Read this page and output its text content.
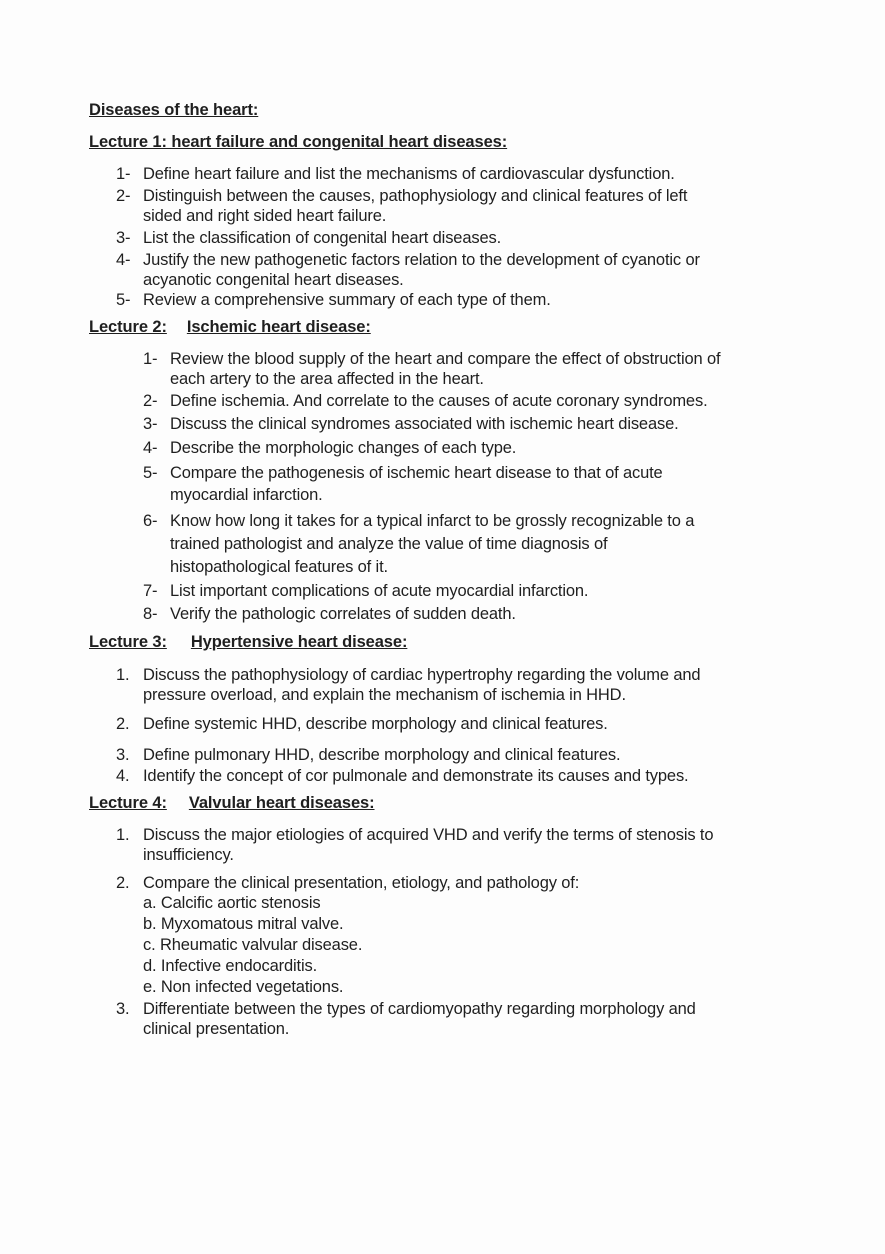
Diseases of the heart:
Lecture 1: heart failure and congenital heart diseases:
1- Define heart failure and list the mechanisms of cardiovascular dysfunction.
2- Distinguish between the causes, pathophysiology and clinical features of left
sided and right sided heart failure.
3- List the classification of congenital heart diseases.
4- Justify the new pathogenetic factors relation to the development of cyanotic or
acyanotic congenital heart diseases.
5- Review a comprehensive summary of each type of them.
Lecture 2: Ischemic heart disease:
1- Review the blood supply of the heart and compare the effect of obstruction of
each artery to the area affected in the heart.
2- Define ischemia. And correlate to the causes of acute coronary syndromes.
3- Discuss the clinical syndromes associated with ischemic heart disease.
4- Describe the morphologic changes of each type.
5- Compare the pathogenesis of ischemic heart disease to that of acute
myocardial infarction.
6- Know how long it takes for a typical infarct to be grossly recognizable to a
trained pathologist and analyze the value of time diagnosis of
histopathological features of it.
7- List important complications of acute myocardial infarction.
8- Verify the pathologic correlates of sudden death.
Lecture 3: Hypertensive heart disease:
1. Discuss the pathophysiology of cardiac hypertrophy regarding the volume and
pressure overload, and explain the mechanism of ischemia in HHD.
2. Define systemic HHD, describe morphology and clinical features.
3. Define pulmonary HHD, describe morphology and clinical features.
4. Identify the concept of cor pulmonale and demonstrate its causes and types.
Lecture 4: Valvular heart diseases:
1. Discuss the major etiologies of acquired VHD and verify the terms of stenosis to
insufficiency.
2. Compare the clinical presentation, etiology, and pathology of:
a. Calcific aortic stenosis
b. Myxomatous mitral valve.
c. Rheumatic valvular disease.
d. Infective endocarditis.
e. Non infected vegetations.
3. Differentiate between the types of cardiomyopathy regarding morphology and
clinical presentation.
